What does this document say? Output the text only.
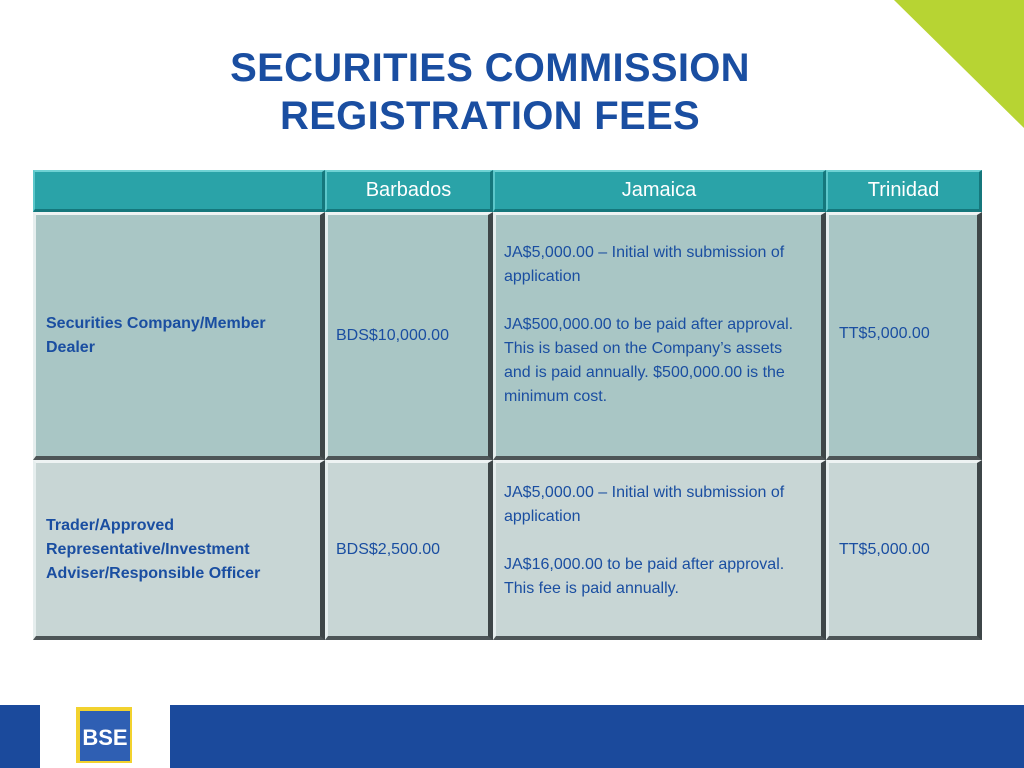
SECURITIES COMMISSION
REGISTRATION FEES
Barbados	Jamaica	Trinidad
Securities Company/Member Dealer
BDS$10,000.00

JA$5,000.00 – Initial with submission of application

JA$500,000.00 to be paid after approval. This is based on the Company’s assets and is paid annually. $500,000.00 is the minimum cost.

TT$5,000.00
Trader/Approved Representative/Investment Adviser/Responsible Officer
BDS$2,500.00

JA$5,000.00 – Initial with submission of application

JA$16,000.00 to be paid after approval. This fee is paid annually.

TT$5,000.00
BSE
